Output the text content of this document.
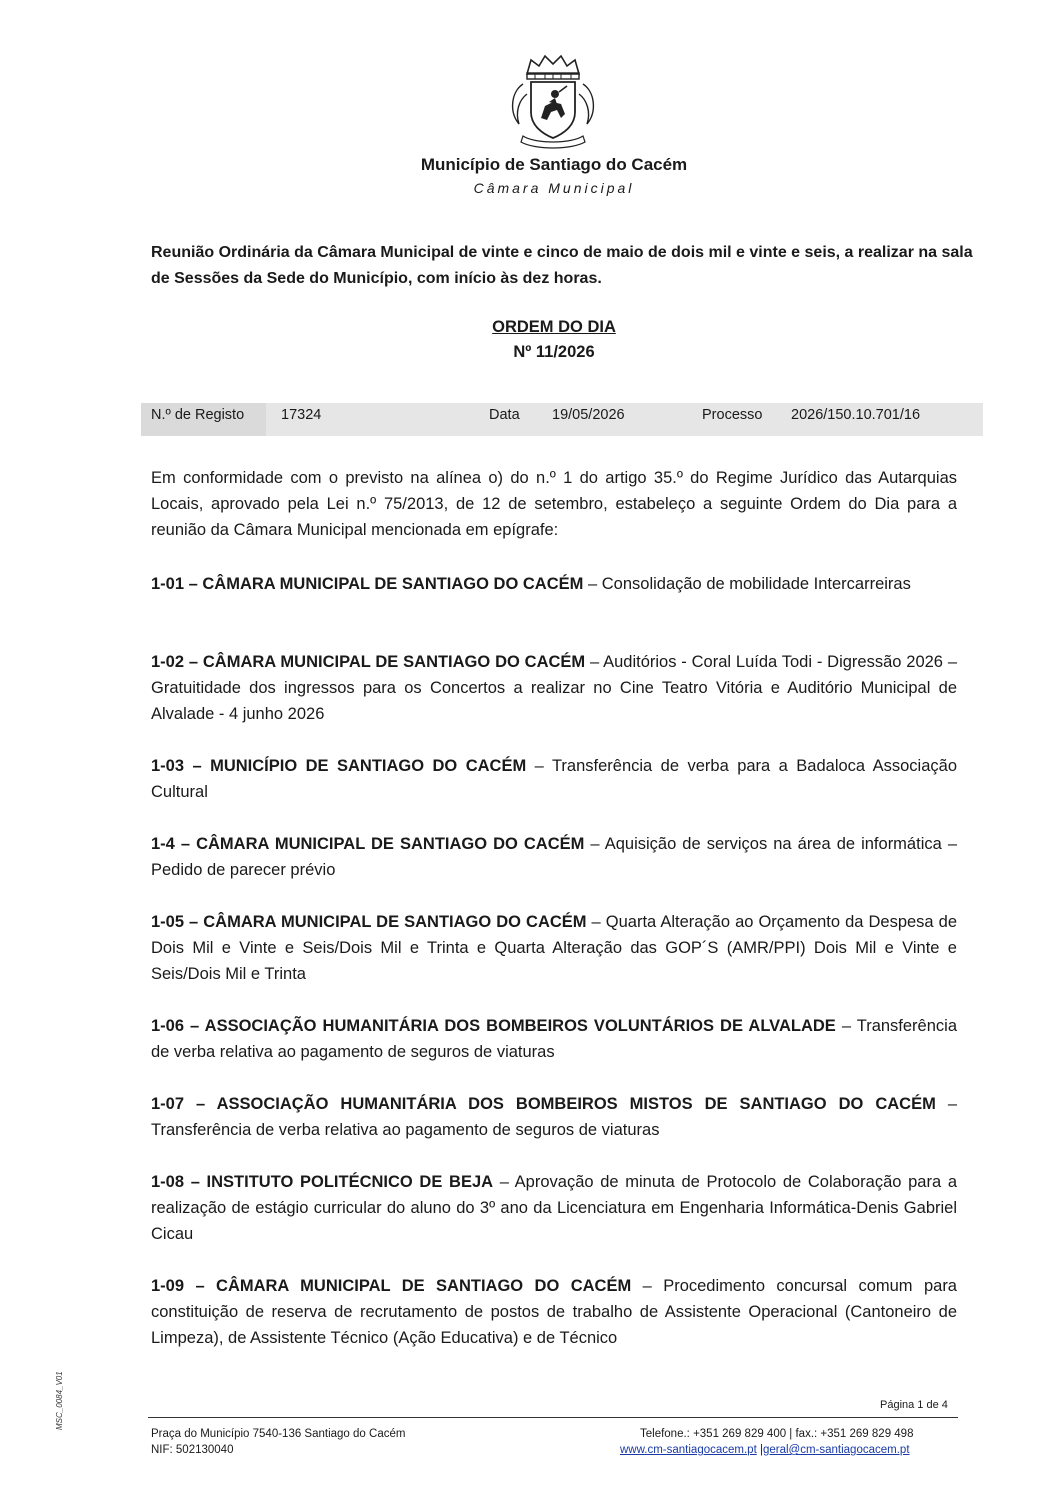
Município de Santiago do Cacém
Câmara Municipal
Reunião Ordinária da Câmara Municipal de vinte e cinco de maio de dois mil e vinte e seis, a realizar na sala de Sessões da Sede do Município, com início às dez horas.
ORDEM DO DIA
Nº 11/2026
N.º de Registo	17324	Data 19/05/2026	Processo 2026/150.10.701/16
Em conformidade com o previsto na alínea o) do n.º 1 do artigo 35.º do Regime Jurídico das Autarquias Locais, aprovado pela Lei n.º 75/2013, de 12 de setembro, estabeleço a seguinte Ordem do Dia para a reunião da Câmara Municipal mencionada em epígrafe:
1-01 – CÂMARA MUNICIPAL DE SANTIAGO DO CACÉM – Consolidação de mobilidade Intercarreiras
1-02 – CÂMARA MUNICIPAL DE SANTIAGO DO CACÉM – Auditórios - Coral Luída Todi - Digressão 2026 – Gratuitidade dos ingressos para os Concertos a realizar no Cine Teatro Vitória e Auditório Municipal de Alvalade - 4 junho 2026
1-03 – MUNICÍPIO DE SANTIAGO DO CACÉM – Transferência de verba para a Badaloca Associação Cultural
1-4 – CÂMARA MUNICIPAL DE SANTIAGO DO CACÉM – Aquisição de serviços na área de informática – Pedido de parecer prévio
1-05 – CÂMARA MUNICIPAL DE SANTIAGO DO CACÉM – Quarta Alteração ao Orçamento da Despesa de Dois Mil e Vinte e Seis/Dois Mil e Trinta e Quarta Alteração das GOP´S (AMR/PPI) Dois Mil e Vinte e Seis/Dois Mil e Trinta
1-06 – ASSOCIAÇÃO HUMANITÁRIA DOS BOMBEIROS VOLUNTÁRIOS DE ALVALADE – Transferência de verba relativa ao pagamento de seguros de viaturas
1-07 – ASSOCIAÇÃO HUMANITÁRIA DOS BOMBEIROS MISTOS DE SANTIAGO DO CACÉM – Transferência de verba relativa ao pagamento de seguros de viaturas
1-08 – INSTITUTO POLITÉCNICO DE BEJA – Aprovação de minuta de Protocolo de Colaboração para a realização de estágio curricular do aluno do 3º ano da Licenciatura em Engenharia Informática-Denis Gabriel Cicau
1-09 – CÂMARA MUNICIPAL DE SANTIAGO DO CACÉM – Procedimento concursal comum para constituição de reserva de recrutamento de postos de trabalho de Assistente Operacional (Cantoneiro de Limpeza), de Assistente Técnico (Ação Educativa) e de Técnico
Página 1 de 4
Praça do Município 7540-136 Santiago do Cacém
NIF: 502130040
Telefone.: +351 269 829 400 | fax.: +351 269 829 498
www.cm-santiagocacem.pt |geral@cm-santiagocacem.pt
MSC_0084_V01
